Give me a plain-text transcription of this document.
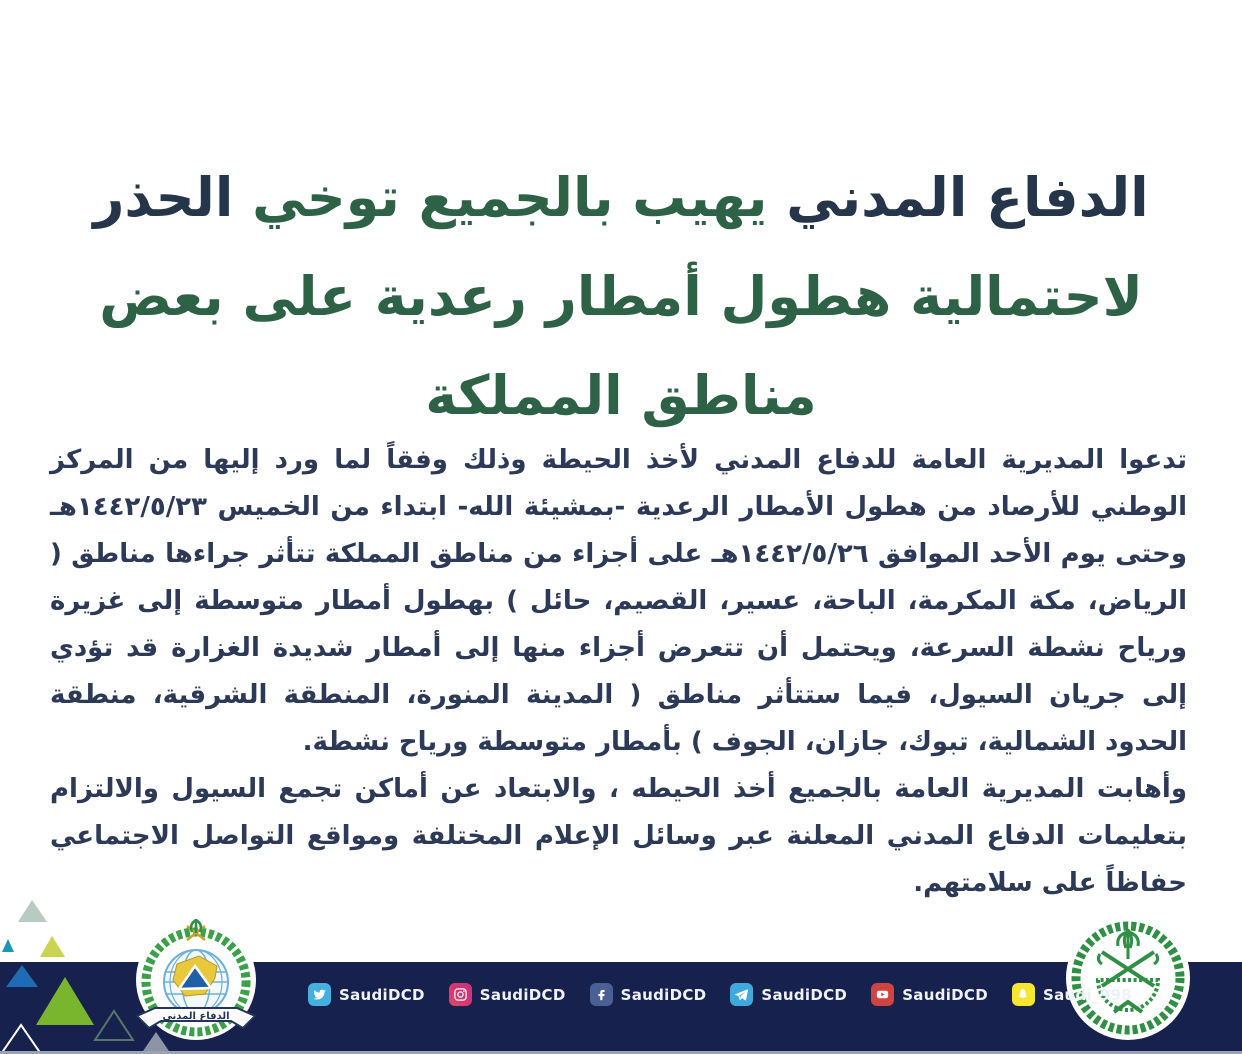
الدفاع المدني يهيب بالجميع توخي الحذر
لاحتمالية هطول أمطار رعدية على بعض
مناطق المملكة

تدعوا المديرية العامة للدفاع المدني لأخذ الحيطة وذلك وفقاً لما ورد إليها من المركز الوطني للأرصاد من هطول الأمطار الرعدية -بمشيئة الله- ابتداء من الخميس ١٤٤٢/٥/٢٣هـ وحتى يوم الأحد الموافق ١٤٤٢/٥/٢٦هـ على أجزاء من مناطق المملكة تتأثر جراءها مناطق ( الرياض، مكة المكرمة، الباحة، عسير، القصيم، حائل ) بهطول أمطار متوسطة إلى غزيرة ورياح نشطة السرعة، ويحتمل أن تتعرض أجزاء منها إلى أمطار شديدة الغزارة قد تؤدي إلى جريان السيول، فيما ستتأثر مناطق ( المدينة المنورة، المنطقة الشرقية، منطقة الحدود الشمالية، تبوك، جازان، الجوف ) بأمطار متوسطة ورياح نشطة.

وأهابت المديرية العامة بالجميع أخذ الحيطه ، والابتعاد عن أماكن تجمع السيول والالتزام بتعليمات الدفاع المدني المعلنة عبر وسائل الإعلام المختلفة ومواقع التواصل الاجتماعي حفاظاً على سلامتهم.

الدفاع المدني
SaudiDCD	SaudiDCD	SaudiDCD	SaudiDCD	SaudiDCD	Saudi_998
